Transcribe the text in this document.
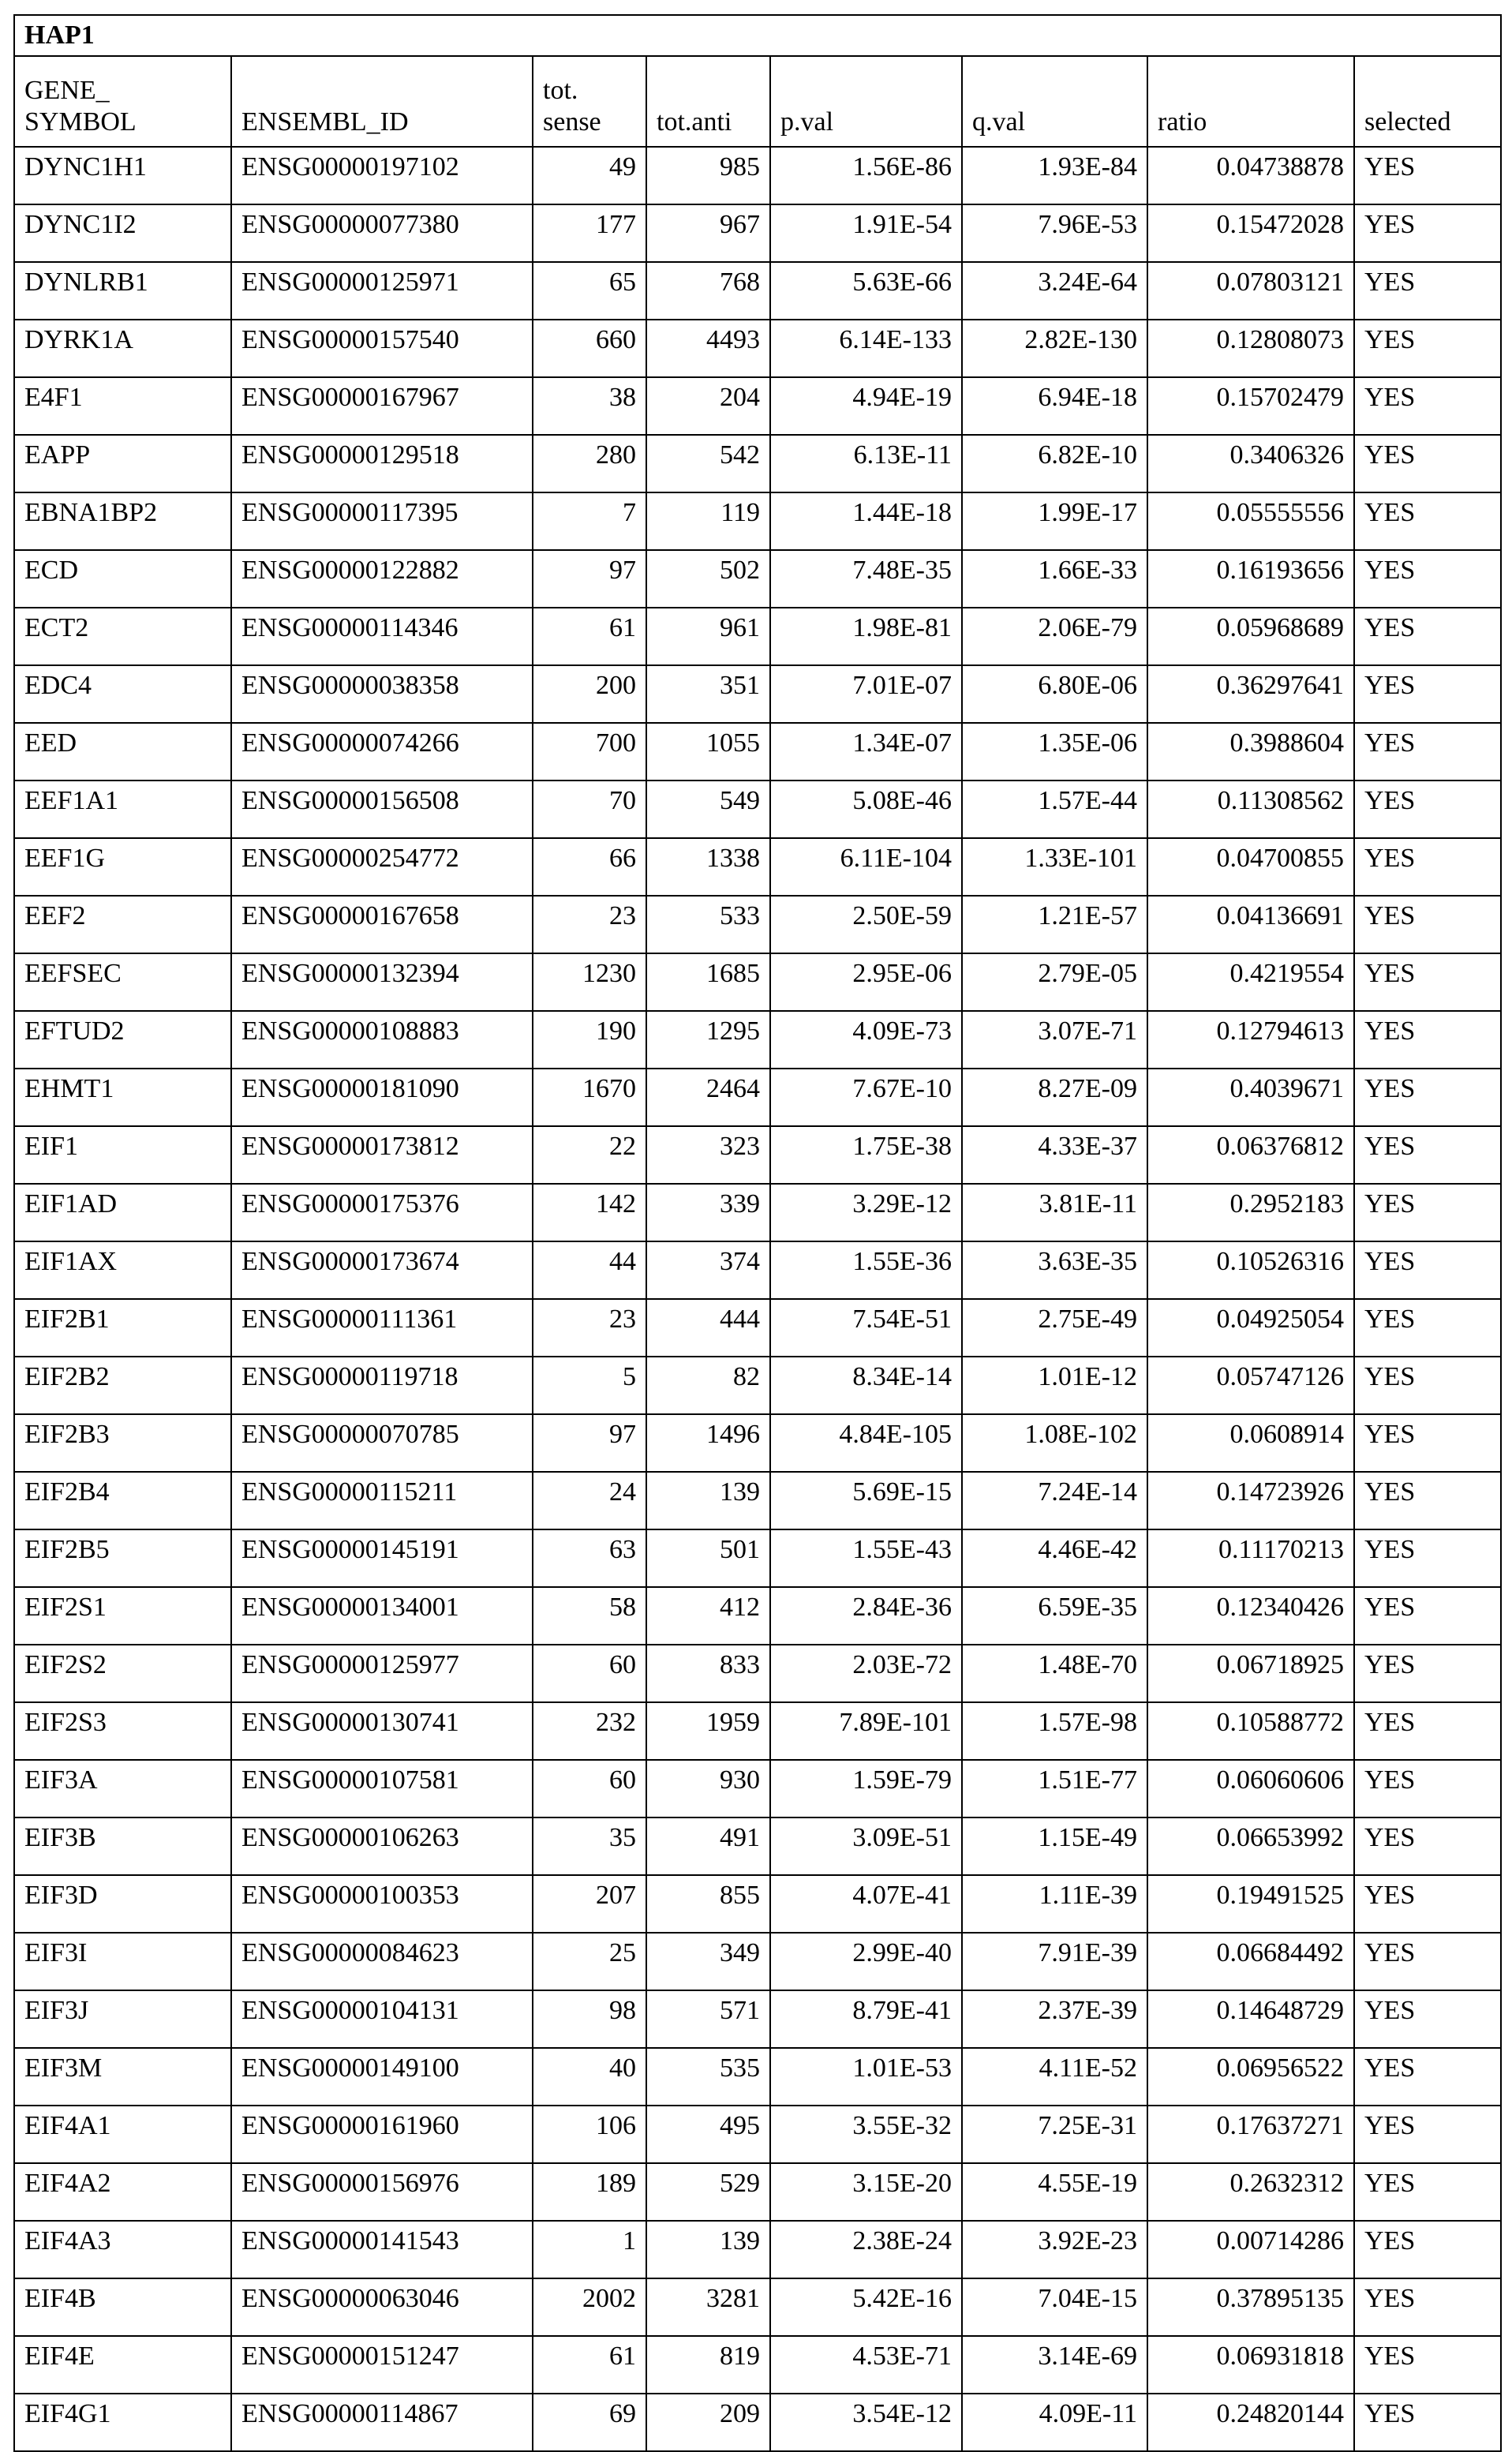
HAP1
GENE_ SYMBOL	ENSEMBL_ID	tot. sense	tot.anti	p.val	q.val	ratio	selected
DYNC1H1	ENSG00000197102	49	985	1.56E-86	1.93E-84	0.04738878	YES
DYNC1I2	ENSG00000077380	177	967	1.91E-54	7.96E-53	0.15472028	YES
DYNLRB1	ENSG00000125971	65	768	5.63E-66	3.24E-64	0.07803121	YES
DYRK1A	ENSG00000157540	660	4493	6.14E-133	2.82E-130	0.12808073	YES
E4F1	ENSG00000167967	38	204	4.94E-19	6.94E-18	0.15702479	YES
EAPP	ENSG00000129518	280	542	6.13E-11	6.82E-10	0.3406326	YES
EBNA1BP2	ENSG00000117395	7	119	1.44E-18	1.99E-17	0.05555556	YES
ECD	ENSG00000122882	97	502	7.48E-35	1.66E-33	0.16193656	YES
ECT2	ENSG00000114346	61	961	1.98E-81	2.06E-79	0.05968689	YES
EDC4	ENSG00000038358	200	351	7.01E-07	6.80E-06	0.36297641	YES
EED	ENSG00000074266	700	1055	1.34E-07	1.35E-06	0.3988604	YES
EEF1A1	ENSG00000156508	70	549	5.08E-46	1.57E-44	0.11308562	YES
EEF1G	ENSG00000254772	66	1338	6.11E-104	1.33E-101	0.04700855	YES
EEF2	ENSG00000167658	23	533	2.50E-59	1.21E-57	0.04136691	YES
EEFSEC	ENSG00000132394	1230	1685	2.95E-06	2.79E-05	0.4219554	YES
EFTUD2	ENSG00000108883	190	1295	4.09E-73	3.07E-71	0.12794613	YES
EHMT1	ENSG00000181090	1670	2464	7.67E-10	8.27E-09	0.4039671	YES
EIF1	ENSG00000173812	22	323	1.75E-38	4.33E-37	0.06376812	YES
EIF1AD	ENSG00000175376	142	339	3.29E-12	3.81E-11	0.2952183	YES
EIF1AX	ENSG00000173674	44	374	1.55E-36	3.63E-35	0.10526316	YES
EIF2B1	ENSG00000111361	23	444	7.54E-51	2.75E-49	0.04925054	YES
EIF2B2	ENSG00000119718	5	82	8.34E-14	1.01E-12	0.05747126	YES
EIF2B3	ENSG00000070785	97	1496	4.84E-105	1.08E-102	0.0608914	YES
EIF2B4	ENSG00000115211	24	139	5.69E-15	7.24E-14	0.14723926	YES
EIF2B5	ENSG00000145191	63	501	1.55E-43	4.46E-42	0.11170213	YES
EIF2S1	ENSG00000134001	58	412	2.84E-36	6.59E-35	0.12340426	YES
EIF2S2	ENSG00000125977	60	833	2.03E-72	1.48E-70	0.06718925	YES
EIF2S3	ENSG00000130741	232	1959	7.89E-101	1.57E-98	0.10588772	YES
EIF3A	ENSG00000107581	60	930	1.59E-79	1.51E-77	0.06060606	YES
EIF3B	ENSG00000106263	35	491	3.09E-51	1.15E-49	0.06653992	YES
EIF3D	ENSG00000100353	207	855	4.07E-41	1.11E-39	0.19491525	YES
EIF3I	ENSG00000084623	25	349	2.99E-40	7.91E-39	0.06684492	YES
EIF3J	ENSG00000104131	98	571	8.79E-41	2.37E-39	0.14648729	YES
EIF3M	ENSG00000149100	40	535	1.01E-53	4.11E-52	0.06956522	YES
EIF4A1	ENSG00000161960	106	495	3.55E-32	7.25E-31	0.17637271	YES
EIF4A2	ENSG00000156976	189	529	3.15E-20	4.55E-19	0.2632312	YES
EIF4A3	ENSG00000141543	1	139	2.38E-24	3.92E-23	0.00714286	YES
EIF4B	ENSG00000063046	2002	3281	5.42E-16	7.04E-15	0.37895135	YES
EIF4E	ENSG00000151247	61	819	4.53E-71	3.14E-69	0.06931818	YES
EIF4G1	ENSG00000114867	69	209	3.54E-12	4.09E-11	0.24820144	YES
